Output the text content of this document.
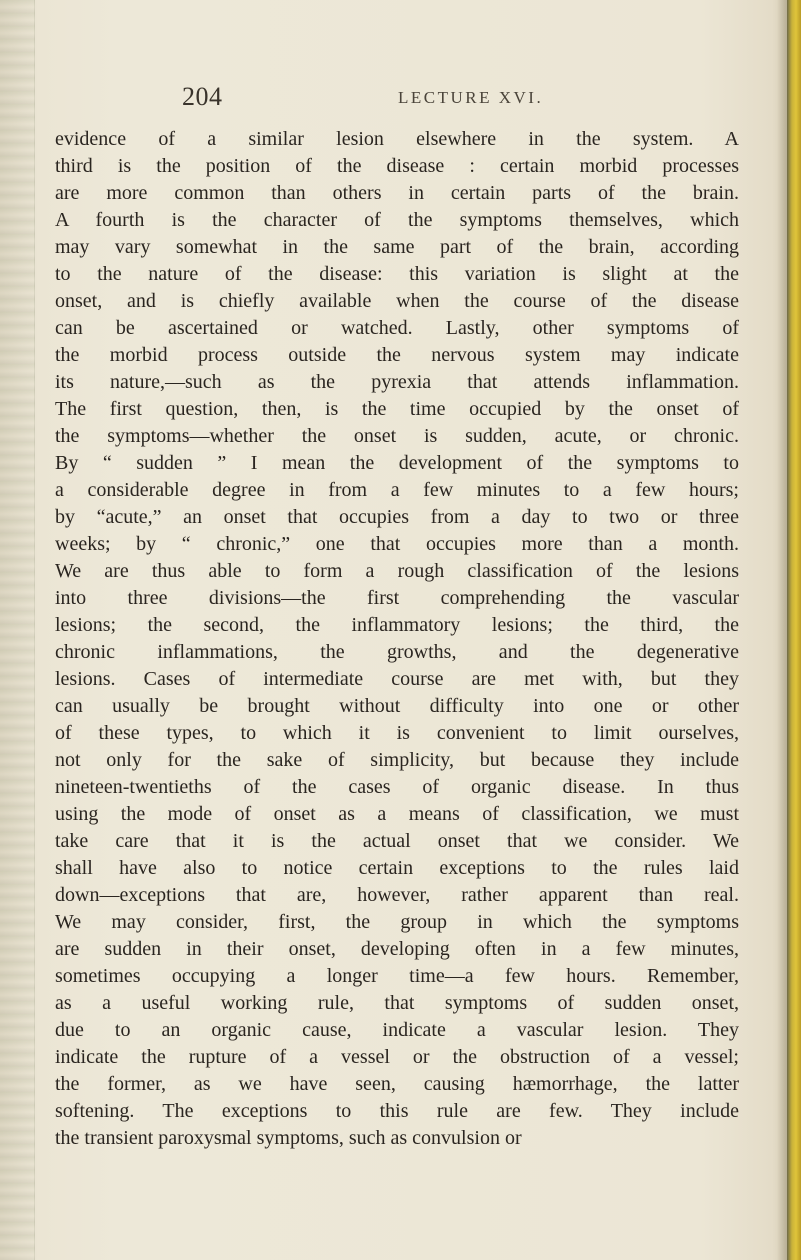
204	LECTURE XVI.
evidence of a similar lesion elsewhere in the system. A
third is the position of the disease : certain morbid processes
are more common than others in certain parts of the brain.
A fourth is the character of the symptoms themselves, which
may vary somewhat in the same part of the brain, according
to the nature of the disease: this variation is slight at the
onset, and is chiefly available when the course of the disease
can be ascertained or watched. Lastly, other symptoms of
the morbid process outside the nervous system may indicate
its nature,—such as the pyrexia that attends inflammation.
The first question, then, is the time occupied by the onset of
the symptoms—whether the onset is sudden, acute, or chronic.
By “ sudden ” I mean the development of the symptoms to
a considerable degree in from a few minutes to a few hours;
by “acute,” an onset that occupies from a day to two or three
weeks; by “ chronic,” one that occupies more than a month.
We are thus able to form a rough classification of the lesions
into three divisions—the first comprehending the vascular
lesions; the second, the inflammatory lesions; the third, the
chronic inflammations, the growths, and the degenerative
lesions. Cases of intermediate course are met with, but they
can usually be brought without difficulty into one or other
of these types, to which it is convenient to limit ourselves,
not only for the sake of simplicity, but because they include
nineteen-twentieths of the cases of organic disease. In thus
using the mode of onset as a means of classification, we must
take care that it is the actual onset that we consider. We
shall have also to notice certain exceptions to the rules laid
down—exceptions that are, however, rather apparent than real.
We may consider, first, the group in which the symptoms
are sudden in their onset, developing often in a few minutes,
sometimes occupying a longer time—a few hours. Remember,
as a useful working rule, that symptoms of sudden onset,
due to an organic cause, indicate a vascular lesion. They
indicate the rupture of a vessel or the obstruction of a vessel;
the former, as we have seen, causing hæmorrhage, the latter
softening. The exceptions to this rule are few. They include
the transient paroxysmal symptoms, such as convulsion or
